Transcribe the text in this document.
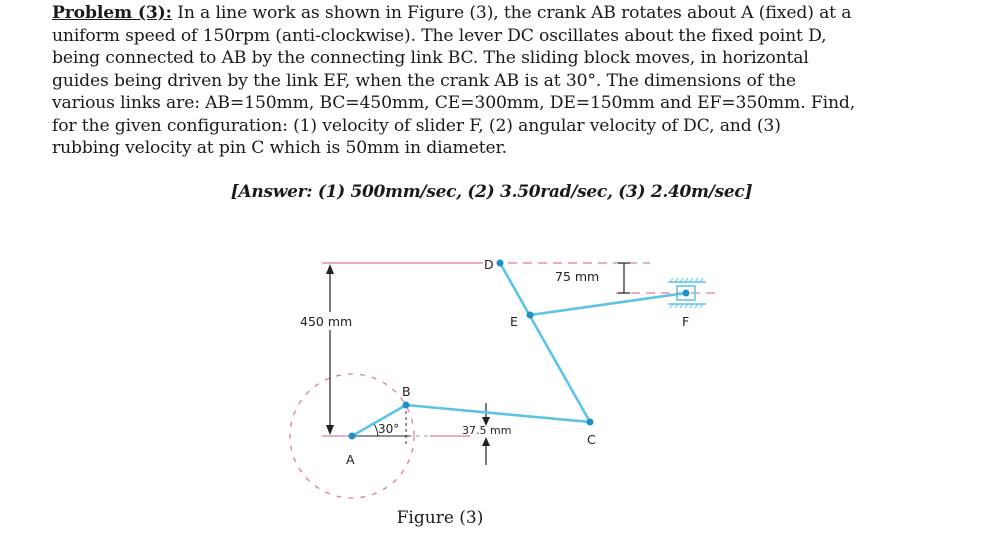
Problem (3): In a line work as shown in Figure (3), the crank AB rotates about A (fixed) at a
uniform speed of 150rpm (anti-clockwise). The lever DC oscillates about the fixed point D,
being connected to AB by the connecting link BC. The sliding block moves, in horizontal
guides being driven by the link EF, when the crank AB is at 30°. The dimensions of the
various links are: AB=150mm, BC=450mm, CE=300mm, DE=150mm and EF=350mm. Find,
for the given configuration: (1) velocity of slider F, (2) angular velocity of DC, and (3)
rubbing velocity at pin C which is 50mm in diameter.
[Answer: (1) 500mm/sec, (2) 3.50rad/sec, (3) 2.40m/sec]
450 mm
75 mm
37.5 mm
30°
A
B
C
D
E	F
Figure (3)
